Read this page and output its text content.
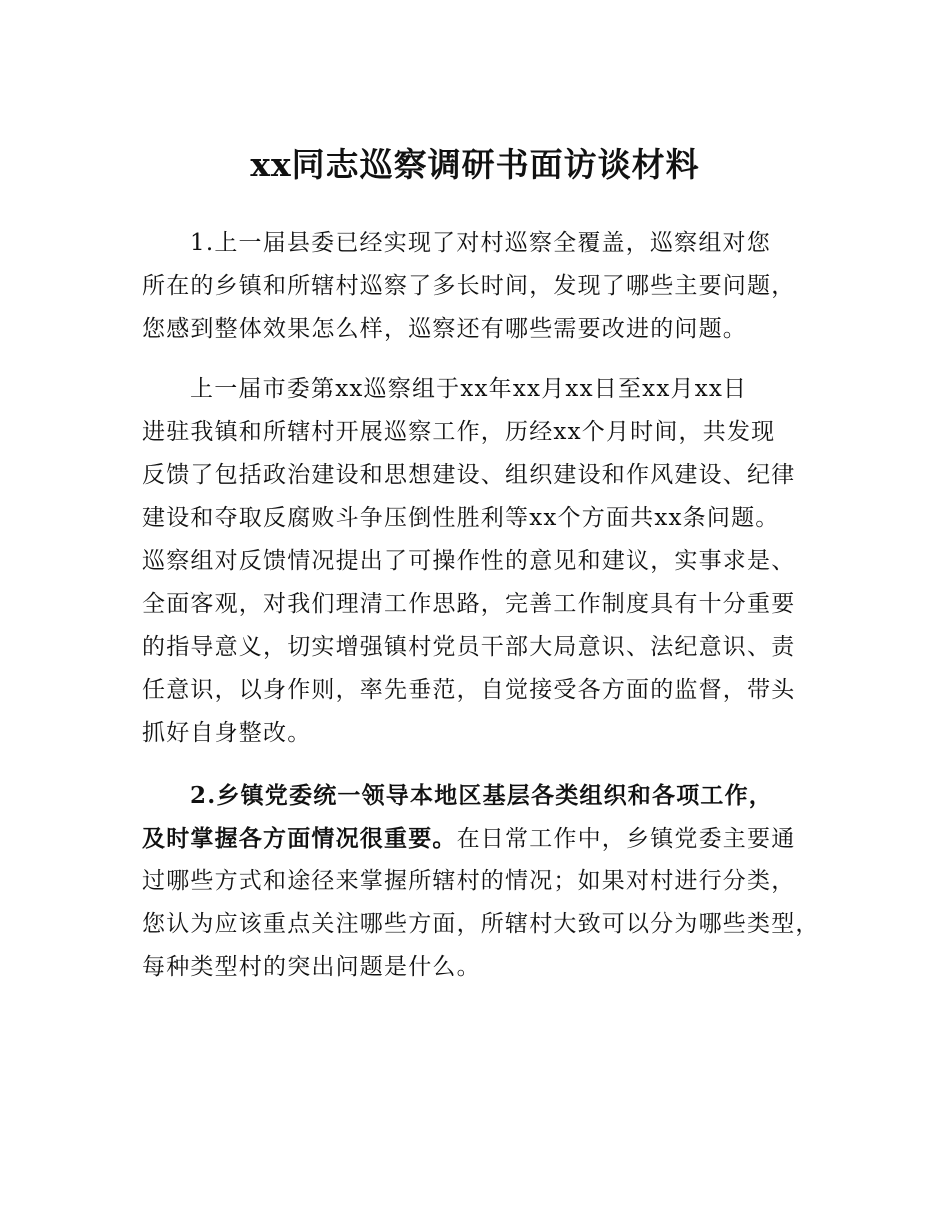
xx同志巡察调研书面访谈材料
1.上一届县委已经实现了对村巡察全覆盖，巡察组对您
所在的乡镇和所辖村巡察了多长时间，发现了哪些主要问题，
您感到整体效果怎么样，巡察还有哪些需要改进的问题。
上一届市委第xx巡察组于xx年xx月xx日至xx月xx日
进驻我镇和所辖村开展巡察工作，历经xx个月时间，共发现
反馈了包括政治建设和思想建设、组织建设和作风建设、纪律
建设和夺取反腐败斗争压倒性胜利等xx个方面共xx条问题。
巡察组对反馈情况提出了可操作性的意见和建议，实事求是、
全面客观，对我们理清工作思路，完善工作制度具有十分重要
的指导意义，切实增强镇村党员干部大局意识、法纪意识、责
任意识，以身作则，率先垂范，自觉接受各方面的监督，带头
抓好自身整改。
2.乡镇党委统一领导本地区基层各类组织和各项工作，
及时掌握各方面情况很重要。在日常工作中，乡镇党委主要通
过哪些方式和途径来掌握所辖村的情况；如果对村进行分类，
您认为应该重点关注哪些方面，所辖村大致可以分为哪些类型，
每种类型村的突出问题是什么。
